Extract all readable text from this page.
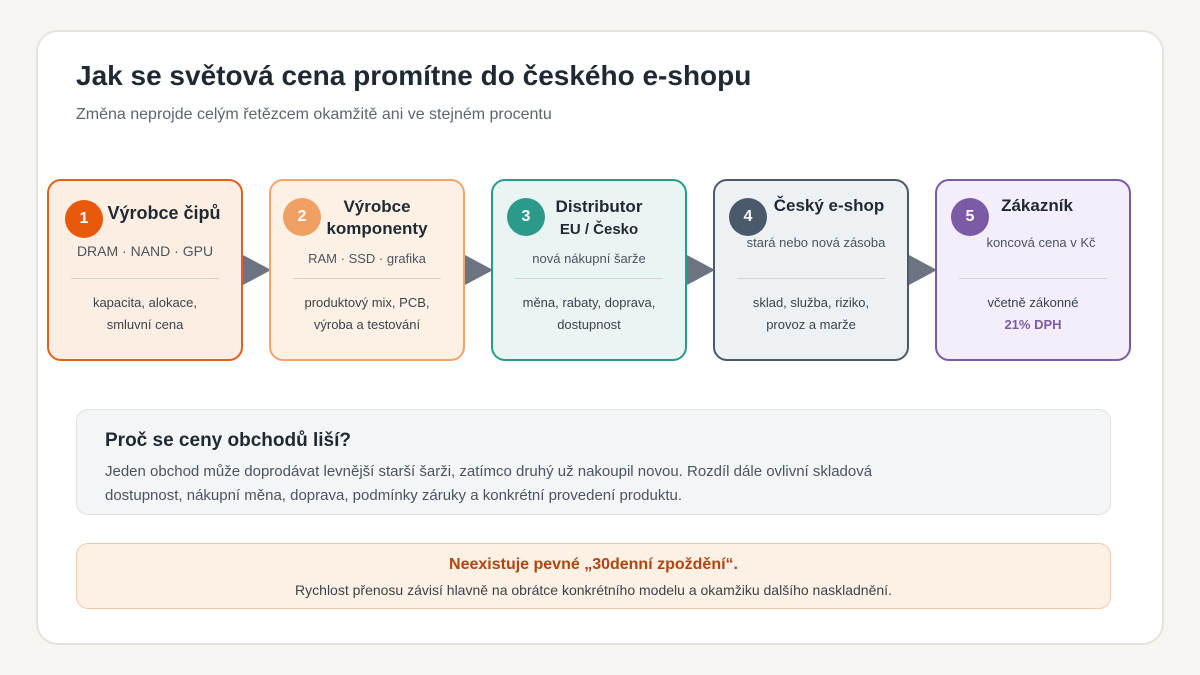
Jak se světová cena promítne do českého e-shopu
Změna neprojde celým řetězcem okamžitě ani ve stejném procentu
1	Výrobce čipů
DRAM · NAND · GPU
kapacita, alokace,
smluvní cena
2
Výrobce
komponenty
RAM · SSD · grafika
produktový mix, PCB,
výroba a testování
3
Distributor
EU / Česko
nová nákupní šarže
měna, rabaty, doprava,
dostupnost
4
Český e-shop
stará nebo nová zásoba
sklad, služba, riziko,
provoz a marže
5
Zákazník
koncová cena v Kč
včetně zákonné
21% DPH
Proč se ceny obchodů liší?
Jeden obchod může doprodávat levnější starší šarži, zatímco druhý už nakoupil novou. Rozdíl dále ovlivní skladová dostupnost, nákupní měna, doprava, podmínky záruky a konkrétní provedení produktu.
Neexistuje pevné „30denní zpoždění“.
Rychlost přenosu závisí hlavně na obrátce konkrétního modelu a okamžiku dalšího naskladnění.
